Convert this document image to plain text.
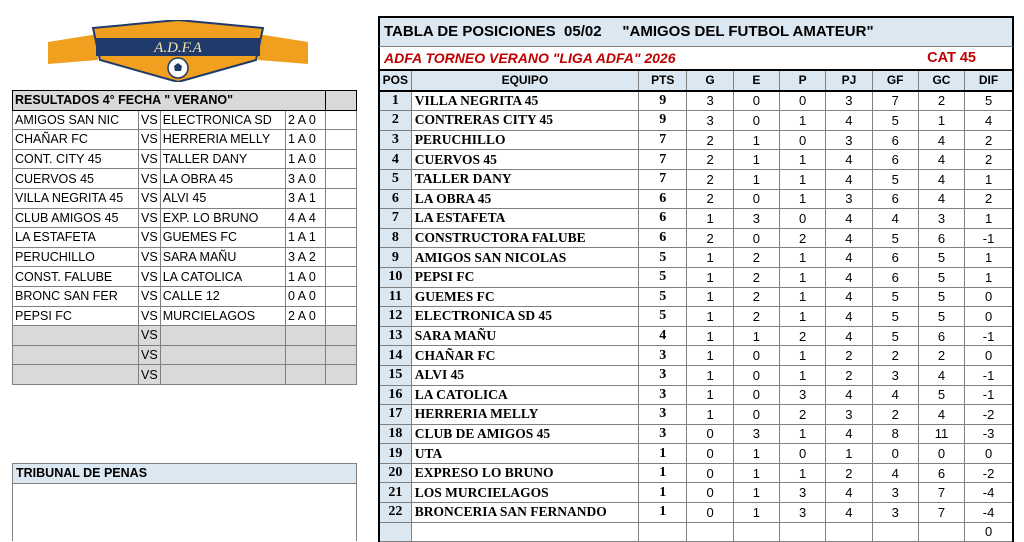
A.D.F.A
RESULTADOS 4° FECHA " VERANO"				
AMIGOS SAN NIC	VS	ELECTRONICA SD	2 A 0	
CHAÑAR FC	VS	HERRERIA MELLY	1 A 0	
CONT. CITY 45	VS	TALLER DANY	1 A 0	
CUERVOS 45	VS	LA OBRA 45	3 A 0	
VILLA NEGRITA 45	VS	ALVI 45	3 A 1	
CLUB AMIGOS 45	VS	EXP. LO BRUNO	4 A 4	
LA ESTAFETA	VS	GUEMES FC	1 A 1	
PERUCHILLO	VS	SARA MAÑU	3 A 2	
CONST. FALUBE	VS	LA CATOLICA	1 A 0	
BRONC SAN FER	VS	CALLE 12	0 A 0	
PEPSI FC	VS	MURCIELAGOS	2 A 0	
	VS			
	VS			
	VS			
TRIBUNAL DE PENAS
TABLA DE POSICIONES  05/02     "AMIGOS DEL FUTBOL AMATEUR"
ADFA TORNEO VERANO "LIGA ADFA" 2026	CAT 45
POS	EQUIPO	PTS	G	E	P	PJ	GF	GC	DIF
1	VILLA NEGRITA 45	9	3	0	0	3	7	2	5
2	CONTRERAS CITY 45	9	3	0	1	4	5	1	4
3	PERUCHILLO	7	2	1	0	3	6	4	2
4	CUERVOS 45	7	2	1	1	4	6	4	2
5	TALLER DANY	7	2	1	1	4	5	4	1
6	LA OBRA 45	6	2	0	1	3	6	4	2
7	LA ESTAFETA	6	1	3	0	4	4	3	1
8	CONSTRUCTORA FALUBE	6	2	0	2	4	5	6	-1
9	AMIGOS SAN NICOLAS	5	1	2	1	4	6	5	1
10	PEPSI FC	5	1	2	1	4	6	5	1
11	GUEMES FC	5	1	2	1	4	5	5	0
12	ELECTRONICA SD 45	5	1	2	1	4	5	5	0
13	SARA MAÑU	4	1	1	2	4	5	6	-1
14	CHAÑAR FC	3	1	0	1	2	2	2	0
15	ALVI 45	3	1	0	1	2	3	4	-1
16	LA CATOLICA	3	1	0	3	4	4	5	-1
17	HERRERIA MELLY	3	1	0	2	3	2	4	-2
18	CLUB DE AMIGOS 45	3	0	3	1	4	8	11	-3
19	UTA	1	0	1	0	1	0	0	0
20	EXPRESO LO BRUNO	1	0	1	1	2	4	6	-2
21	LOS MURCIELAGOS	1	0	1	3	4	3	7	-4
22	BRONCERIA SAN FERNANDO	1	0	1	3	4	3	7	-4
									0
